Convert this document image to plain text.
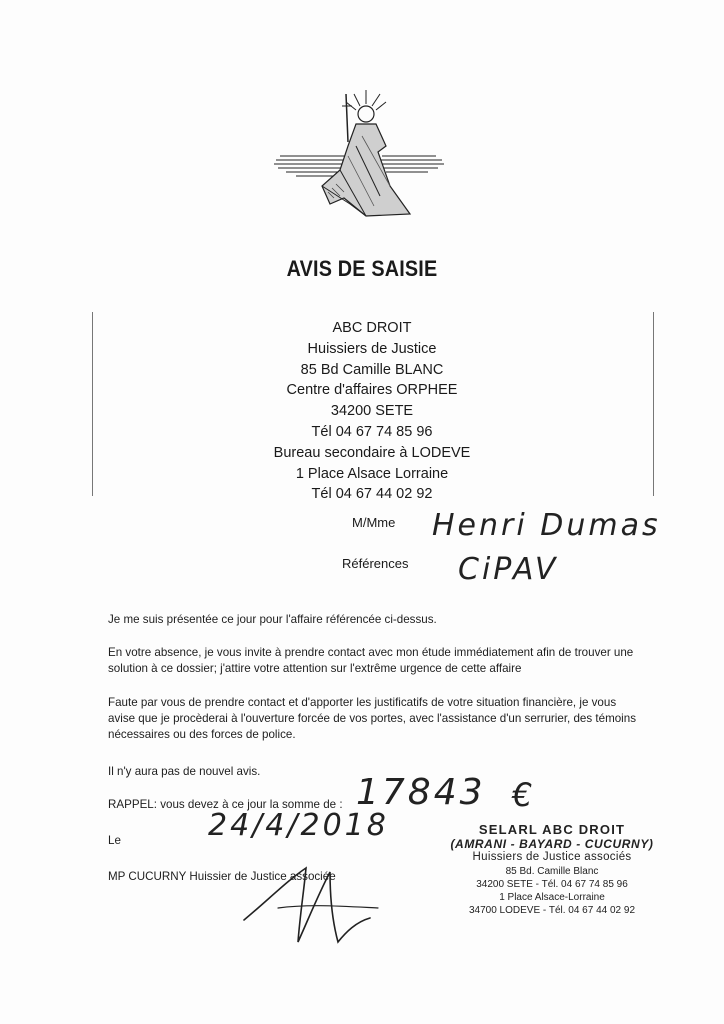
AVIS DE SAISIE
ABC DROIT
Huissiers de Justice
85 Bd Camille BLANC
Centre d'affaires ORPHEE
34200 SETE
Tél 04 67 74 85 96
Bureau secondaire à LODEVE
1 Place Alsace Lorraine
Tél 04 67 44 02 92
M/Mme Henri Dumas
Références CiPAV
Je me suis présentée ce jour pour l'affaire référencée ci-dessus.
En votre absence, je vous invite à prendre contact avec mon étude immédiatement afin de trouver une
solution à ce dossier; j'attire votre attention sur l'extrême urgence de cette affaire
Faute par vous de prendre contact et d'apporter les justificatifs de votre situation financière, je vous
avise que je procèderai à l'ouverture forcée de vos portes, avec l'assistance d'un serrurier, des témoins
nécessaires ou des forces de police.
Il n'y aura pas de nouvel avis.
RAPPEL: vous devez à ce jour la somme de : 17843 €
Le	24/4/2018
MP CUCURNY Huissier de Justice associée
SELARL ABC DROIT
(AMRANI - BAYARD - CUCURNY)
Huissiers de Justice associés
85 Bd. Camille Blanc
34200 SETE - Tél. 04 67 74 85 96
1 Place Alsace-Lorraine
34700 LODEVE - Tél. 04 67 44 02 92
